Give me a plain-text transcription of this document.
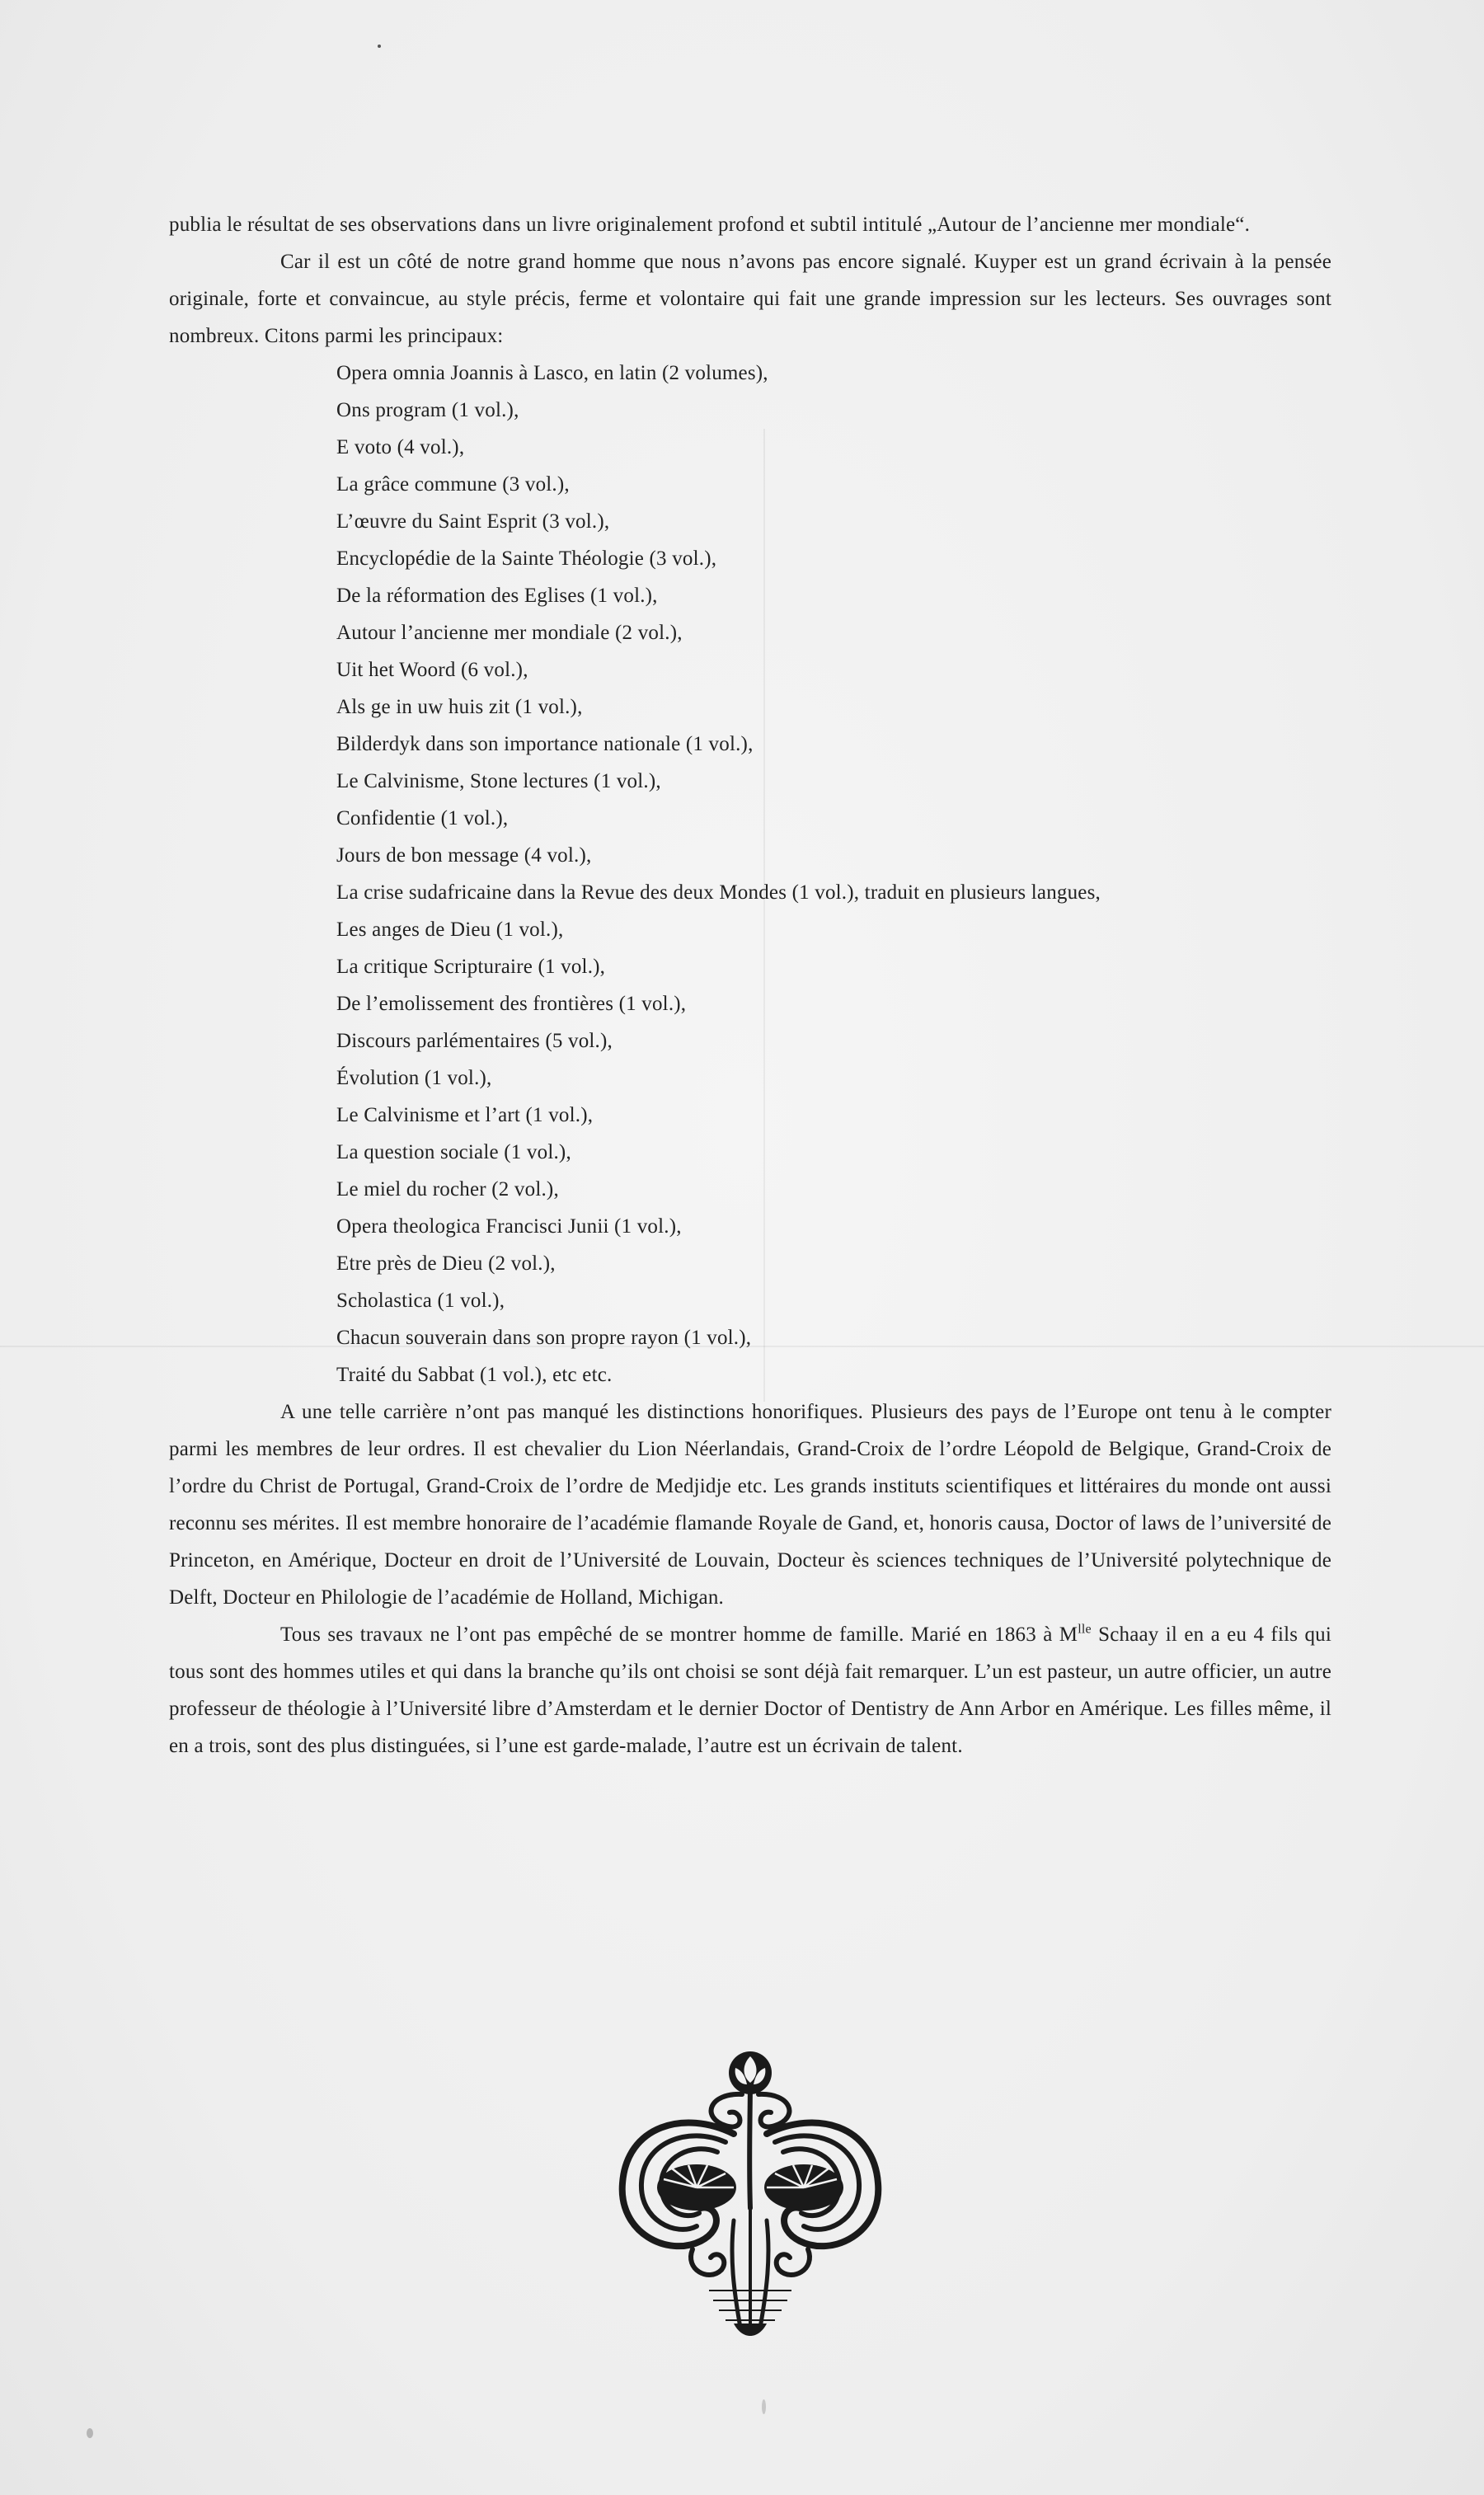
publia le résultat de ses observations dans un livre originalement profond et subtil intitulé „Autour de l’ancienne mer mondiale“.

Car il est un côté de notre grand homme que nous n’avons pas encore signalé. Kuyper est un grand écrivain à la pensée originale, forte et convaincue, au style précis, ferme et volontaire qui fait une grande impression sur les lecteurs. Ses ouvrages sont nombreux. Citons parmi les principaux:

Opera omnia Joannis à Lasco, en latin (2 volumes),
Ons program (1 vol.),
E voto (4 vol.),
La grâce commune (3 vol.),
L’œuvre du Saint Esprit (3 vol.),
Encyclopédie de la Sainte Théologie (3 vol.),
De la réformation des Eglises (1 vol.),
Autour l’ancienne mer mondiale (2 vol.),
Uit het Woord (6 vol.),
Als ge in uw huis zit (1 vol.),
Bilderdyk dans son importance nationale (1 vol.),
Le Calvinisme, Stone lectures (1 vol.),
Confidentie (1 vol.),
Jours de bon message (4 vol.),
La crise sudafricaine dans la Revue des deux Mondes (1 vol.), traduit en plusieurs langues,
Les anges de Dieu (1 vol.),
La critique Scripturaire (1 vol.),
De l’emolissement des frontières (1 vol.),
Discours parlémentaires (5 vol.),
Évolution (1 vol.),
Le Calvinisme et l’art (1 vol.),
La question sociale (1 vol.),
Le miel du rocher (2 vol.),
Opera theologica Francisci Junii (1 vol.),
Etre près de Dieu (2 vol.),
Scholastica (1 vol.),
Chacun souverain dans son propre rayon (1 vol.),
Traité du Sabbat (1 vol.), etc etc.

A une telle carrière n’ont pas manqué les distinctions honorifiques. Plusieurs des pays de l’Europe ont tenu à le compter parmi les membres de leur ordres. Il est chevalier du Lion Néerlandais, Grand-Croix de l’ordre Léopold de Belgique, Grand-Croix de l’ordre du Christ de Portugal, Grand-Croix de l’ordre de Medjidje etc. Les grands instituts scientifiques et littéraires du monde ont aussi reconnu ses mérites. Il est membre honoraire de l’académie flamande Royale de Gand, et, honoris causa, Doctor of laws de l’université de Princeton, en Amérique, Docteur en droit de l’Université de Louvain, Docteur ès sciences techniques de l’Université polytechnique de Delft, Docteur en Philologie de l’académie de Holland, Michigan.

Tous ses travaux ne l’ont pas empêché de se montrer homme de famille. Marié en 1863 à $M^{lle}$ Schaay il en a eu 4 fils qui tous sont des hommes utiles et qui dans la branche qu’ils ont choisi se sont déjà fait remarquer. L’un est pasteur, un autre officier, un autre professeur de théologie à l’Université libre d’Amsterdam et le dernier Doctor of Dentistry de Ann Arbor en Amérique. Les filles même, il en a trois, sont des plus distinguées, si l’une est garde-malade, l’autre est un écrivain de talent.
